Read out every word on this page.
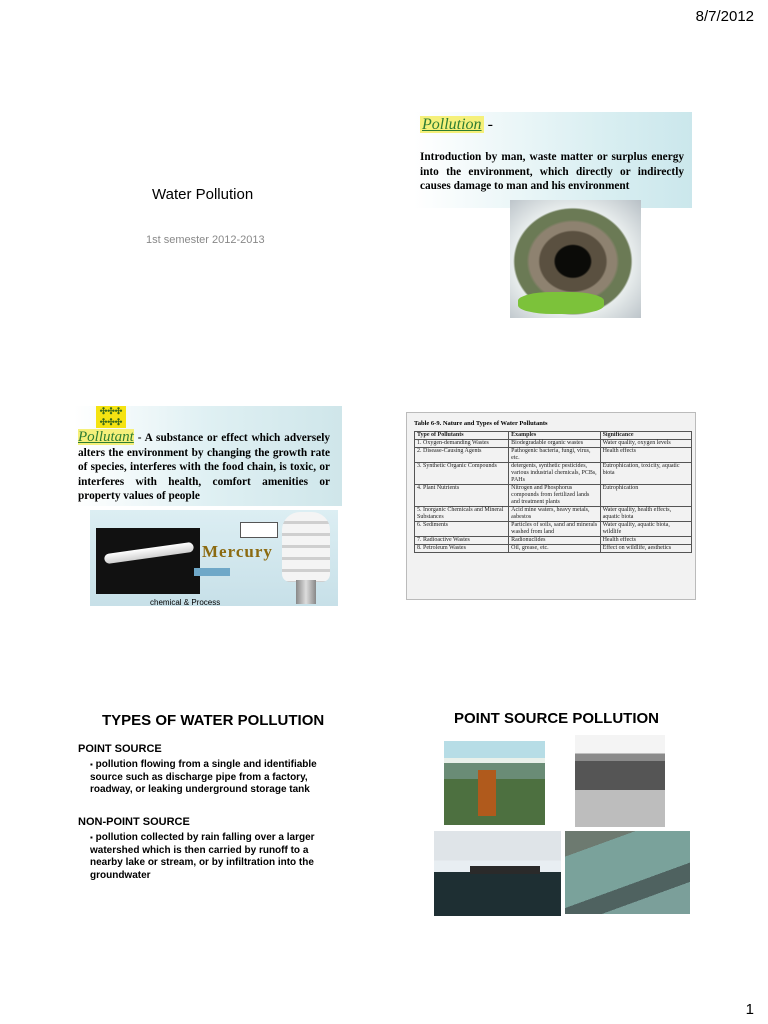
8/7/2012
Water Pollution
1st semester 2012-2013
Pollution -
Introduction by man, waste matter or surplus energy into the environment, which directly or indirectly causes damage to man and his environment
✣✣✣
✣✣✣
Pollutant - A substance or effect which adversely alters the environment by changing the growth rate of species, interferes with the food chain, is toxic, or interferes with health, comfort amenities or property values of people
Mercury
chemical & Process
Table 6-9. Nature and Types of Water Pollutants
Type of Pollutants	Examples	Significance
1. Oxygen-demanding Wastes	Biodegradable organic wastes	Water quality, oxygen levels
2. Disease-Causing Agents	Pathogenic bacteria, fungi, virus, etc.	Health effects
3. Synthetic Organic Compounds	detergents, synthetic pesticides, various industrial chemicals, PCBs, PAHs	Eutrophication, toxicity, aquatic biota
4. Plant Nutrients	Nitrogen and Phosphorus compounds from fertilized lands and treatment plants	Eutrophication
5. Inorganic Chemicals and Mineral Substances	Acid mine waters, heavy metals, asbestos	Water quality, health effects, aquatic biota
6. Sediments	Particles of soils, sand and minerals washed from land	Water quality, aquatic biota, wildlife
7. Radioactive Wastes	Radionuclides	Health effects
8. Petroleum Wastes	Oil, grease, etc.	Effect on wildlife, aesthetics
TYPES OF WATER POLLUTION
POINT SOURCE
▪ pollution flowing from a single and identifiable source such as discharge pipe from a factory, roadway, or leaking underground storage tank
NON-POINT SOURCE
▪ pollution collected by rain falling over a larger watershed which is then carried by runoff to a nearby lake or stream, or by infiltration into the groundwater
POINT SOURCE POLLUTION
1
